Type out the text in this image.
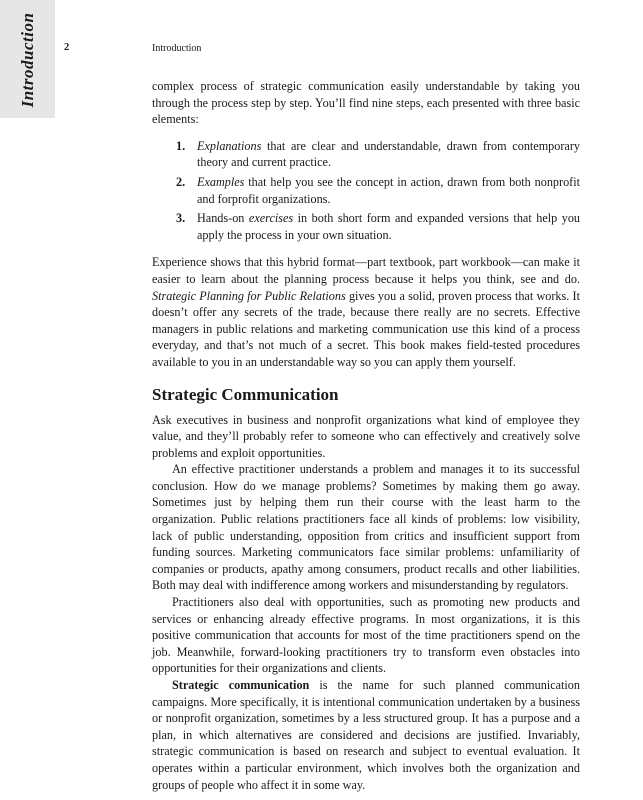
Introduction	2	Introduction

complex process of strategic communication easily understandable by taking you through the process step by step. You’ll find nine steps, each presented with three basic elements:

1. Explanations that are clear and understandable, drawn from contemporary theory and current practice.
2. Examples that help you see the concept in action, drawn from both nonprofit and forprofit organizations.
3. Hands-on exercises in both short form and expanded versions that help you apply the process in your own situation.

Experience shows that this hybrid format—part textbook, part workbook—can make it easier to learn about the planning process because it helps you think, see and do. Strategic Planning for Public Relations gives you a solid, proven process that works. It doesn’t offer any secrets of the trade, because there really are no secrets. Effective managers in public relations and marketing communication use this kind of a process everyday, and that’s not much of a secret. This book makes field-tested procedures available to you in an understandable way so you can apply them yourself.

Strategic Communication

Ask executives in business and nonprofit organizations what kind of employee they value, and they’ll probably refer to someone who can effectively and creatively solve problems and exploit opportunities.

An effective practitioner understands a problem and manages it to its successful conclusion. How do we manage problems? Sometimes by making them go away. Sometimes just by helping them run their course with the least harm to the organization. Public relations practitioners face all kinds of problems: low visibility, lack of public understanding, opposition from critics and insufficient support from funding sources. Marketing communicators face similar problems: unfamiliarity of companies or products, apathy among consumers, product recalls and other liabilities. Both may deal with indifference among workers and misunderstanding by regulators.

Practitioners also deal with opportunities, such as promoting new products and services or enhancing already effective programs. In most organizations, it is this positive communication that accounts for most of the time practitioners spend on the job. Meanwhile, forward-looking practitioners try to transform even obstacles into opportunities for their organizations and clients.

Strategic communication is the name for such planned communication campaigns. More specifically, it is intentional communication undertaken by a business or nonprofit organization, sometimes by a less structured group. It has a purpose and a plan, in which alternatives are considered and decisions are justified. Invariably, strategic communication is based on research and subject to eventual evaluation. It operates within a particular environment, which involves both the organization and groups of people who affect it in some way.
